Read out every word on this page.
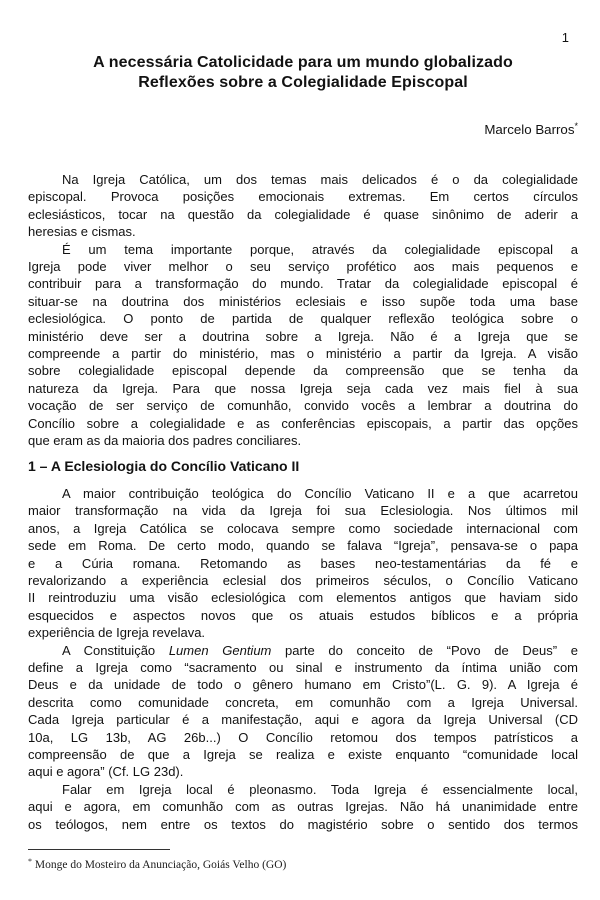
1
A necessária Catolicidade para um mundo globalizado
Reflexões sobre a Colegialidade Episcopal
Marcelo Barros*
Na Igreja Católica, um dos temas mais delicados é o da colegialidade
episcopal. Provoca posições emocionais extremas. Em certos círculos
eclesiásticos, tocar na questão da colegialidade é quase sinônimo de aderir a
heresias e cismas.
É um tema importante porque, através da colegialidade episcopal a
Igreja pode viver melhor o seu serviço profético aos mais pequenos e
contribuir para a transformação do mundo. Tratar da colegialidade episcopal é
situar-se na doutrina dos ministérios eclesiais e isso supõe toda uma base
eclesiológica. O ponto de partida de qualquer reflexão teológica sobre o
ministério deve ser a doutrina sobre a Igreja. Não é a Igreja que se
compreende a partir do ministério, mas o ministério a partir da Igreja. A visão
sobre colegialidade episcopal depende da compreensão que se tenha da
natureza da Igreja. Para que nossa Igreja seja cada vez mais fiel à sua
vocação de ser serviço de comunhão, convido vocês a lembrar a doutrina do
Concílio sobre a colegialidade e as conferências episcopais, a partir das opções
que eram as da maioria dos padres conciliares.
1 – A Eclesiologia do Concílio Vaticano II
A maior contribuição teológica do Concílio Vaticano II e a que acarretou
maior transformação na vida da Igreja foi sua Eclesiologia. Nos últimos mil
anos, a Igreja Católica se colocava sempre como sociedade internacional com
sede em Roma. De certo modo, quando se falava “Igreja”, pensava-se o papa
e a Cúria romana. Retomando as bases neo-testamentárias da fé e
revalorizando a experiência eclesial dos primeiros séculos, o Concílio Vaticano
II reintroduziu uma visão eclesiológica com elementos antigos que haviam sido
esquecidos e aspectos novos que os atuais estudos bíblicos e a própria
experiência de Igreja revelava.
A Constituição Lumen Gentium parte do conceito de “Povo de Deus” e
define a Igreja como “sacramento ou sinal e instrumento da íntima união com
Deus e da unidade de todo o gênero humano em Cristo”(L. G. 9). A Igreja é
descrita como comunidade concreta, em comunhão com a Igreja Universal.
Cada Igreja particular é a manifestação, aqui e agora da Igreja Universal (CD
10a, LG 13b, AG 26b...) O Concílio retomou dos tempos patrísticos a
compreensão de que a Igreja se realiza e existe enquanto “comunidade local
aqui e agora” (Cf. LG 23d).
Falar em Igreja local é pleonasmo. Toda Igreja é essencialmente local,
aqui e agora, em comunhão com as outras Igrejas. Não há unanimidade entre
os teólogos, nem entre os textos do magistério sobre o sentido dos termos
* Monge do Mosteiro da Anunciação, Goiás Velho (GO)
